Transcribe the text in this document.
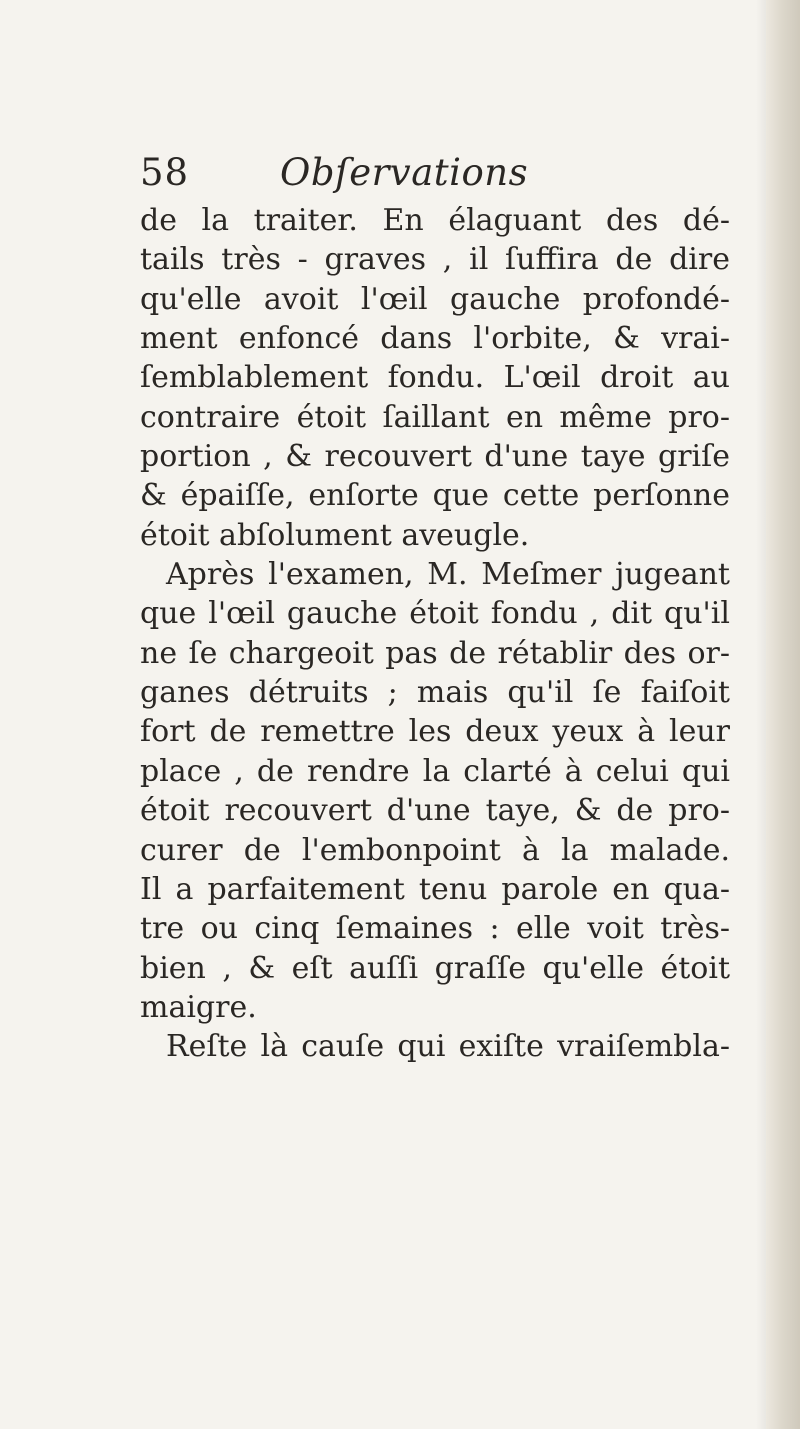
58 Obſervations
de la traiter. En élaguant des dé-
tails très - graves , il ſuffira de dire
qu'elle avoit l'œil gauche profondé-
ment enfoncé dans l'orbite, & vrai-
ſemblablement fondu. L'œil droit au
contraire étoit ſaillant en même pro-
portion , & recouvert d'une taye griſe
& épaiſſe, enſorte que cette perſonne
étoit abſolument aveugle.
Après l'examen, M. Meſmer jugeant
que l'œil gauche étoit fondu , dit qu'il
ne ſe chargeoit pas de rétablir des or-
ganes détruits ; mais qu'il ſe faiſoit
fort de remettre les deux yeux à leur
place , de rendre la clarté à celui qui
étoit recouvert d'une taye, & de pro-
curer de l'embonpoint à la malade.
Il a parfaitement tenu parole en qua-
tre ou cinq ſemaines : elle voit très-
bien , & eſt auſſi graſſe qu'elle étoit
maigre.
Reſte là cauſe qui exiſte vraiſembla-
